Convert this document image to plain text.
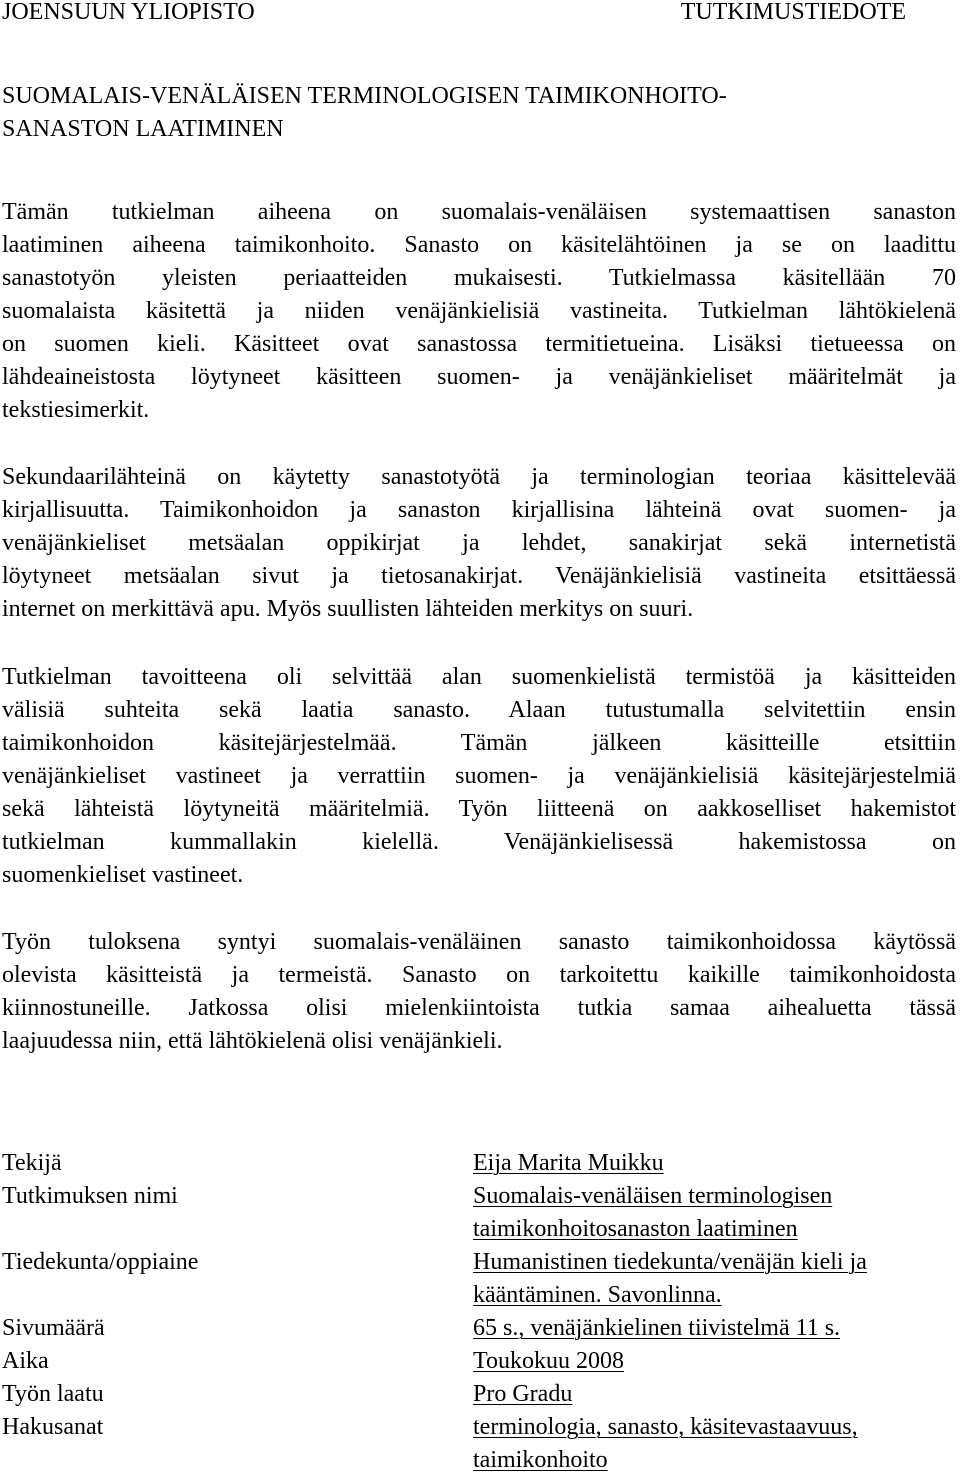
JOENSUUN YLIOPISTO	TUTKIMUSTIEDOTE
SUOMALAIS-VENÄLÄISEN TERMINOLOGISEN TAIMIKONHOITO-
SANASTON LAATIMINEN
Tämän tutkielman aiheena on suomalais-venäläisen systemaattisen sanaston
laatiminen aiheena taimikonhoito. Sanasto on käsitelähtöinen ja se on laadittu
sanastotyön yleisten periaatteiden mukaisesti. Tutkielmassa käsitellään 70
suomalaista käsitettä ja niiden venäjänkielisiä vastineita. Tutkielman lähtökielenä
on suomen kieli. Käsitteet ovat sanastossa termitietueina. Lisäksi tietueessa on
lähdeaineistosta löytyneet käsitteen suomen- ja venäjänkieliset määritelmät ja
tekstiesimerkit.
Sekundaarilähteinä on käytetty sanastotyötä ja terminologian teoriaa käsittelevää
kirjallisuutta. Taimikonhoidon ja sanaston kirjallisina lähteinä ovat suomen- ja
venäjänkieliset metsäalan oppikirjat ja lehdet, sanakirjat sekä internetistä
löytyneet metsäalan sivut ja tietosanakirjat. Venäjänkielisiä vastineita etsittäessä
internet on merkittävä apu. Myös suullisten lähteiden merkitys on suuri.
Tutkielman tavoitteena oli selvittää alan suomenkielistä termistöä ja käsitteiden
välisiä suhteita sekä laatia sanasto. Alaan tutustumalla selvitettiin ensin
taimikonhoidon käsitejärjestelmää. Tämän jälkeen käsitteille etsittiin
venäjänkieliset vastineet ja verrattiin suomen- ja venäjänkielisiä käsitejärjestelmiä
sekä lähteistä löytyneitä määritelmiä. Työn liitteenä on aakkoselliset hakemistot
tutkielman kummallakin kielellä. Venäjänkielisessä hakemistossa on
suomenkieliset vastineet.
Työn tuloksena syntyi suomalais-venäläinen sanasto taimikonhoidossa käytössä
olevista käsitteistä ja termeistä. Sanasto on tarkoitettu kaikille taimikonhoidosta
kiinnostuneille. Jatkossa olisi mielenkiintoista tutkia samaa aihealuetta tässä
laajuudessa niin, että lähtökielenä olisi venäjänkieli.
Tekijä	Eija Marita Muikku
Tutkimuksen nimi	Suomalais-venäläisen terminologisen
taimikonhoitosanaston laatiminen
Tiedekunta/oppiaine	Humanistinen tiedekunta/venäjän kieli ja
kääntäminen. Savonlinna.
Sivumäärä	65 s., venäjänkielinen tiivistelmä 11 s.
Aika	Toukokuu 2008
Työn laatu	Pro Gradu
Hakusanat	terminologia, sanasto, käsitevastaavuus,
taimikonhoito
